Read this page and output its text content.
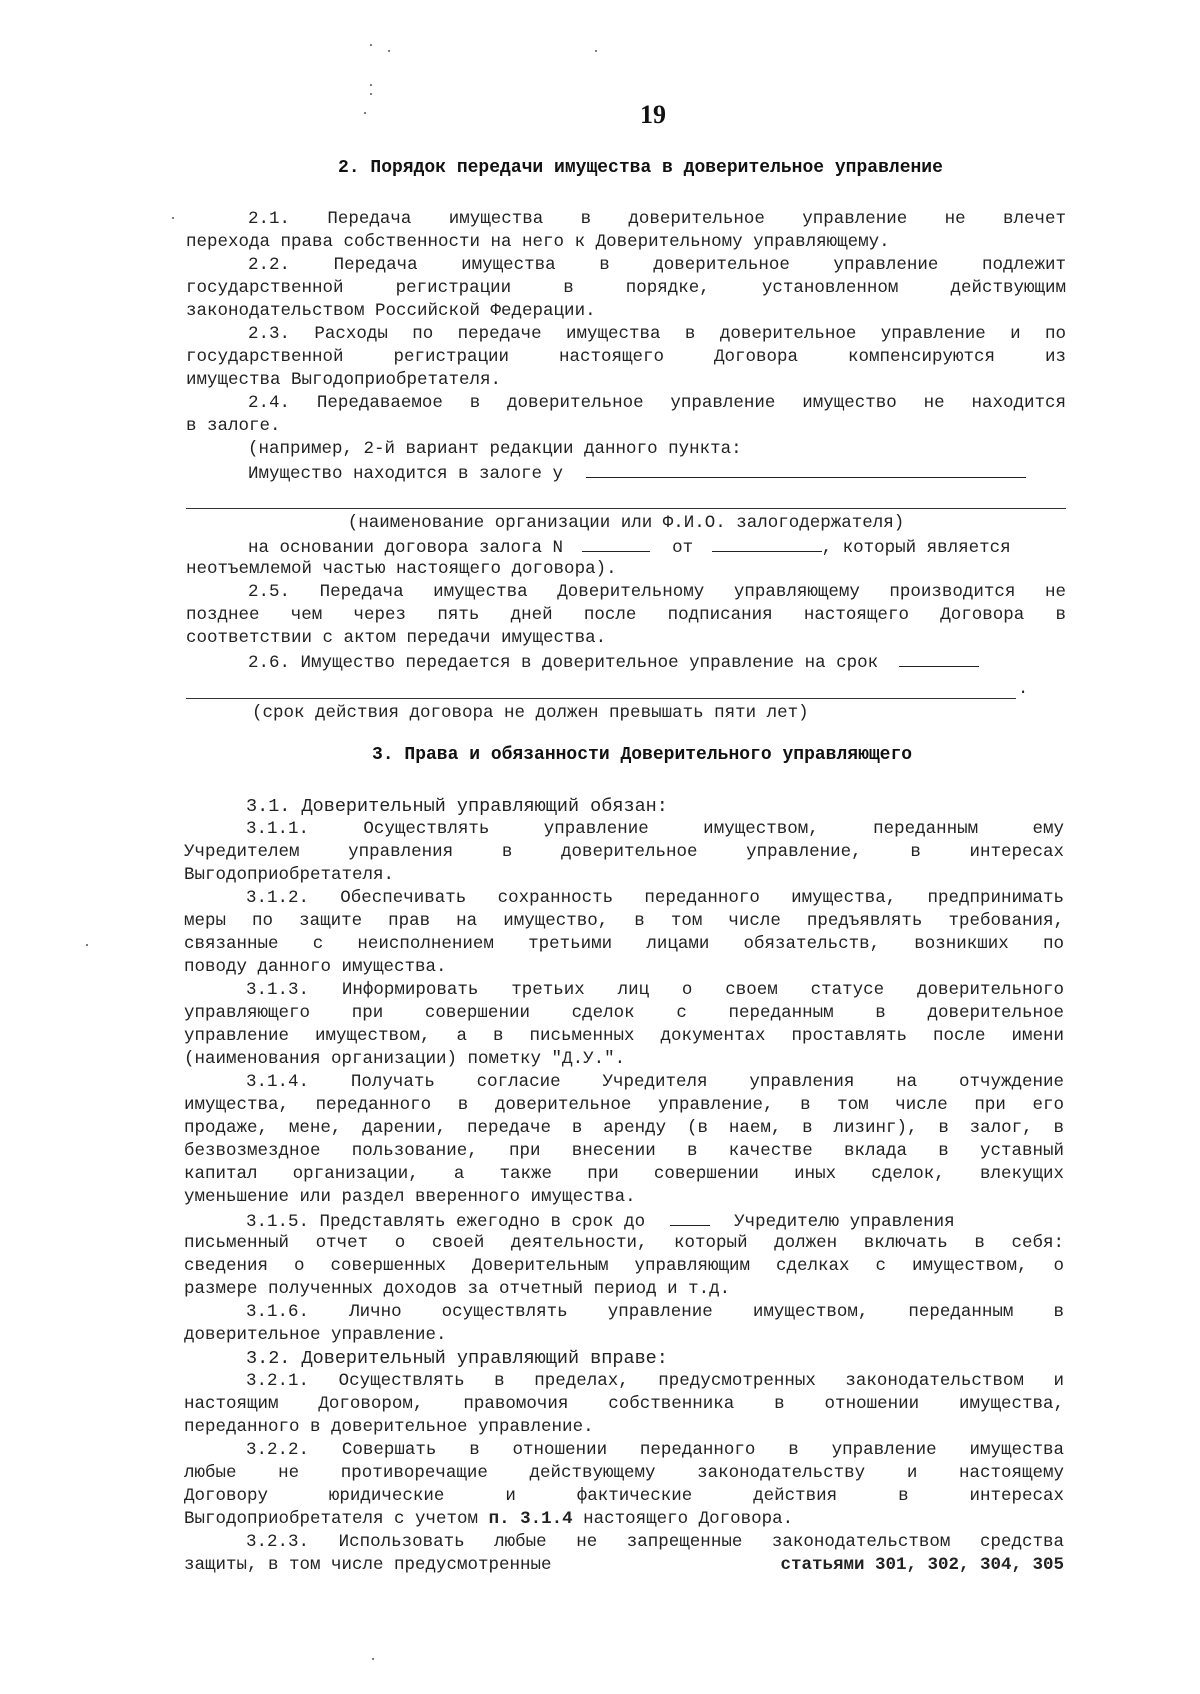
19
2. Порядок передачи имущества в доверительное управление
2.1. Передача имущества в доверительное управление не влечет
перехода права собственности на него к Доверительному управляющему.
2.2. Передача имущества в доверительное управление подлежит
государственной регистрации в порядке, установленном действующим
законодательством Российской Федерации.
2.3. Расходы по передаче имущества в доверительное управление и по
государственной регистрации настоящего Договора компенсируются из
имущества Выгодоприобретателя.
2.4. Передаваемое в доверительное управление имущество не находится
в залоге.
(например, 2-й вариант редакции данного пункта:
Имущество находится в залоге у
(наименование организации или Ф.И.О. залогодержателя)
на основании договора залога N	от	, который является
неотъемлемой частью настоящего договора).
2.5. Передача имущества Доверительному управляющему производится не
позднее чем через пять дней после подписания настоящего Договора в
соответствии с актом передачи имущества.
2.6. Имущество передается в доверительное управление на срок
.
(срок действия договора не должен превышать пяти лет)
3. Права и обязанности Доверительного управляющего
3.1. Доверительный управляющий обязан:
3.1.1. Осуществлять управление имуществом, переданным ему
Учредителем управления в доверительное управление, в интересах
Выгодоприобретателя.
3.1.2. Обеспечивать сохранность переданного имущества, предпринимать
меры по защите прав на имущество, в том числе предъявлять требования,
связанные с неисполнением третьими лицами обязательств, возникших по
поводу данного имущества.
3.1.3. Информировать третьих лиц о своем статусе доверительного
управляющего при совершении сделок с переданным в доверительное
управление имуществом, а в письменных документах проставлять после имени
(наименования организации) пометку "Д.У.".
3.1.4. Получать согласие Учредителя управления на отчуждение
имущества, переданного в доверительное управление, в том числе при его
продаже, мене, дарении, передаче в аренду (в наем, в лизинг), в залог, в
безвозмездное пользование, при внесении в качестве вклада в уставный
капитал организации, а также при совершении иных сделок, влекущих
уменьшение или раздел вверенного имущества.
3.1.5. Представлять ежегодно в срок до	Учредителю управления
письменный отчет о своей деятельности, который должен включать в себя:
сведения о совершенных Доверительным управляющим сделках с имуществом, о
размере полученных доходов за отчетный период и т.д.
3.1.6. Лично осуществлять управление имуществом, переданным в
доверительное управление.
3.2. Доверительный управляющий вправе:
3.2.1. Осуществлять в пределах, предусмотренных законодательством и
настоящим Договором, правомочия собственника в отношении имущества,
переданного в доверительное управление.
3.2.2. Совершать в отношении переданного в управление имущества
любые не противоречащие действующему законодательству и настоящему
Договору юридические и фактические действия в интересах
Выгодоприобретателя с учетом п. 3.1.4 настоящего Договора.
3.2.3. Использовать любые не запрещенные законодательством средства
защиты, в том числе предусмотренные	статьями 301, 302, 304, 305
